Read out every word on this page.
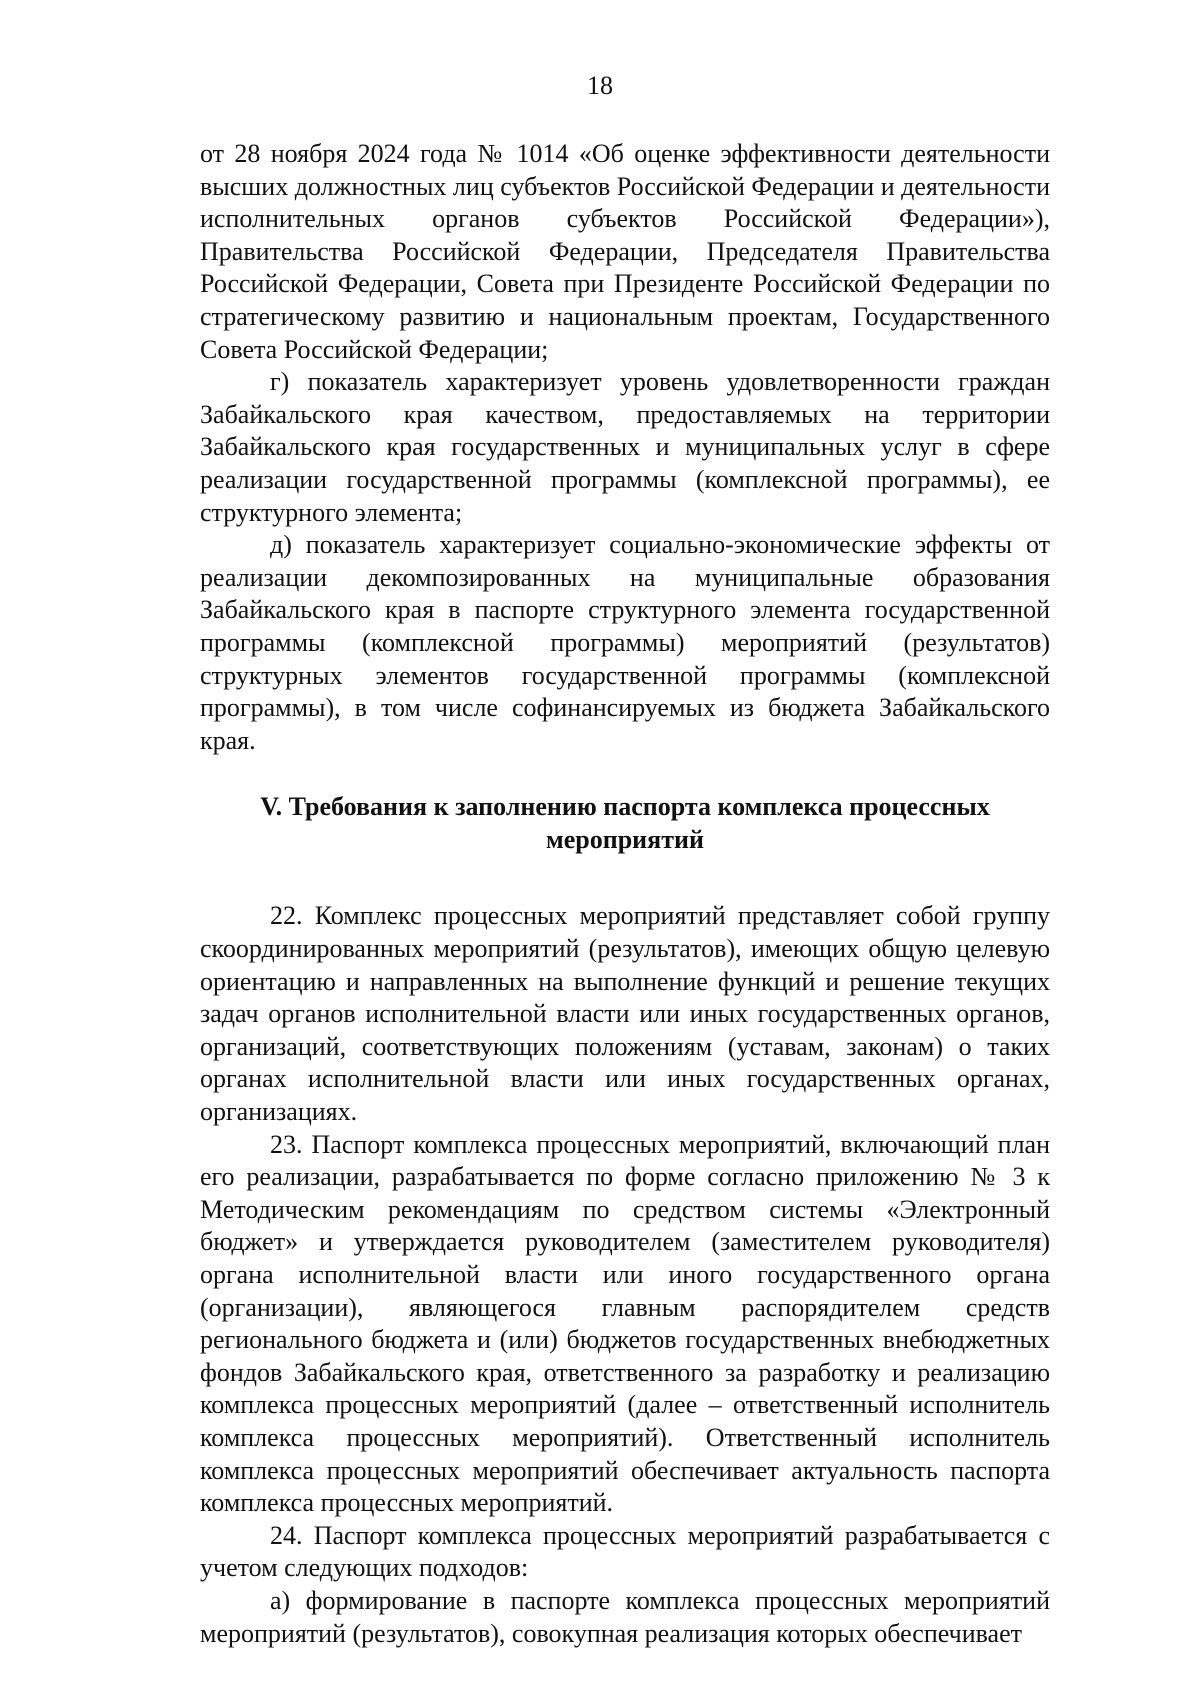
18

от 28 ноября 2024 года № 1014 «Об оценке эффективности деятельности высших должностных лиц субъектов Российской Федерации и деятельности исполнительных органов субъектов Российской Федерации»), Правительства Российской Федерации, Председателя Правительства Российской Федерации, Совета при Президенте Российской Федерации по стратегическому развитию и национальным проектам, Государственного Совета Российской Федерации;

г) показатель характеризует уровень удовлетворенности граждан Забайкальского края качеством, предоставляемых на территории Забайкальского края государственных и муниципальных услуг в сфере реализации государственной программы (комплексной программы), ее структурного элемента;

д) показатель характеризует социально-экономические эффекты от реализации декомпозированных на муниципальные образования Забайкальского края в паспорте структурного элемента государственной программы (комплексной программы) мероприятий (результатов) структурных элементов государственной программы (комплексной программы), в том числе софинансируемых из бюджета Забайкальского края.

V. Требования к заполнению паспорта комплекса процессных мероприятий

22. Комплекс процессных мероприятий представляет собой группу скоординированных мероприятий (результатов), имеющих общую целевую ориентацию и направленных на выполнение функций и решение текущих задач органов исполнительной власти или иных государственных органов, организаций, соответствующих положениям (уставам, законам) о таких органах исполнительной власти или иных государственных органах, организациях.

23. Паспорт комплекса процессных мероприятий, включающий план его реализации, разрабатывается по форме согласно приложению № 3 к Методическим рекомендациям по средством системы «Электронный бюджет» и утверждается руководителем (заместителем руководителя) органа исполнительной власти или иного государственного органа (организации), являющегося главным распорядителем средств регионального бюджета и (или) бюджетов государственных внебюджетных фондов Забайкальского края, ответственного за разработку и реализацию комплекса процессных мероприятий (далее – ответственный исполнитель комплекса процессных мероприятий). Ответственный исполнитель комплекса процессных мероприятий обеспечивает актуальность паспорта комплекса процессных мероприятий.

24. Паспорт комплекса процессных мероприятий разрабатывается с учетом следующих подходов:

а) формирование в паспорте комплекса процессных мероприятий мероприятий (результатов), совокупная реализация которых обеспечивает
